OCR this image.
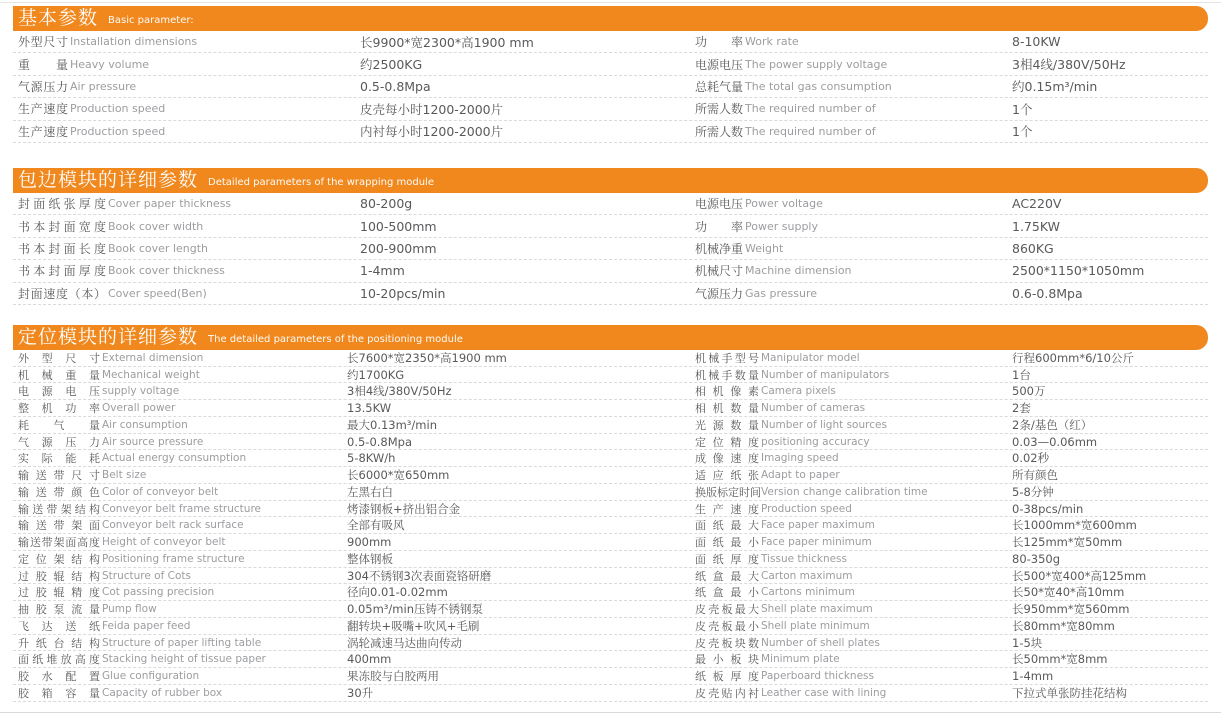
基本参数 Basic parameter:
外型尺寸 Installation dimensions	长9900*宽2300*高1900 mm	功率 Work rate	8-10KW
重量 Heavy volume	约2500KG	电源电压 The power supply voltage	3相4线/380V/50Hz
气源压力 Air pressure	0.5-0.8Mpa	总耗气量 The total gas consumption	约0.15m³/min
生产速度 Production speed	皮壳每小时1200-2000片	所需人数 The required number of	1个
生产速度 Production speed	内衬每小时1200-2000片	所需人数 The required number of	1个
包边模块的详细参数 Detailed parameters of the wrapping module
封面纸张厚度 Cover paper thickness	80-200g	电源电压 Power voltage	AC220V
书本封面宽度 Book cover width	100-500mm	功率 Power supply	1.75KW
书本封面长度 Book cover length	200-900mm	机械净重 Weight	860KG
书本封面厚度 Book cover thickness	1-4mm	机械尺寸 Machine dimension	2500*1150*1050mm
封面速度（本） Cover speed(Ben)	10-20pcs/min	气源压力 Gas pressure	0.6-0.8Mpa
定位模块的详细参数 The detailed parameters of the positioning module
外型尺寸 External dimension	长7600*宽2350*高1900 mm	机械手型号 Manipulator model	行程600mm*6/10公斤
机械重量 Mechanical weight	约1700KG	机械手数量 Number of manipulators	1台
电源电压 supply voltage	3相4线/380V/50Hz	相机像素 Camera pixels	500万
整机功率 Overall power	13.5KW	相机数量 Number of cameras	2套
耗气量 Air consumption	最大0.13m³/min	光源数量 Number of light sources	2条/基色（红）
气源压力 Air source pressure	0.5-0.8Mpa	定位精度 positioning accuracy	0.03—0.06mm
实际能耗 Actual energy consumption	5-8KW/h	成像速度 Imaging speed	0.02秒
输送带尺寸 Belt size	长6000*宽650mm	适应纸张 Adapt to paper	所有颜色
输送带颜色 Color of conveyor belt	左黑右白	换版标定时间 Version change calibration time	5-8分钟
输送带架结构 Conveyor belt frame structure	烤漆钢板+挤出铝合金	生产速度 Production speed	0-38pcs/min
输送带架面 Conveyor belt rack surface	全部有吸风	面纸最大 Face paper maximum	长1000mm*宽600mm
输送带架面高度 Height of conveyor belt	900mm	面纸最小 Face paper minimum	长125mm*宽50mm
定位架结构 Positioning frame structure	整体钢板	面纸厚度 Tissue thickness	80-350g
过胶辊结构 Structure of Cots	304不锈钢3次表面瓷铬研磨	纸盒最大 Carton maximum	长500*宽400*高125mm
过胶辊精度 Cot passing precision	径向0.01-0.02mm	纸盒最小 Cartons minimum	长50*宽40*高10mm
抽胶泵流量 Pump flow	0.05m³/min压铸不锈钢泵	皮壳板最大 Shell plate maximum	长950mm*宽560mm
飞达送纸 Feida paper feed	翻转块+吸嘴+吹风+毛刷	皮壳板最小 Shell plate minimum	长80mm*宽80mm
升纸台结构 Structure of paper lifting table	涡轮减速马达曲向传动	皮壳板块数 Number of shell plates	1-5块
面纸堆放高度 Stacking height of tissue paper	400mm	最小板块 Minimum plate	长50mm*宽8mm
胶水配置 Glue configuration	果冻胶与白胶两用	纸板厚度 Paperboard thickness	1-4mm
胶箱容量 Capacity of rubber box	30升	皮壳贴内衬 Leather case with lining	下拉式单张防挂花结构
